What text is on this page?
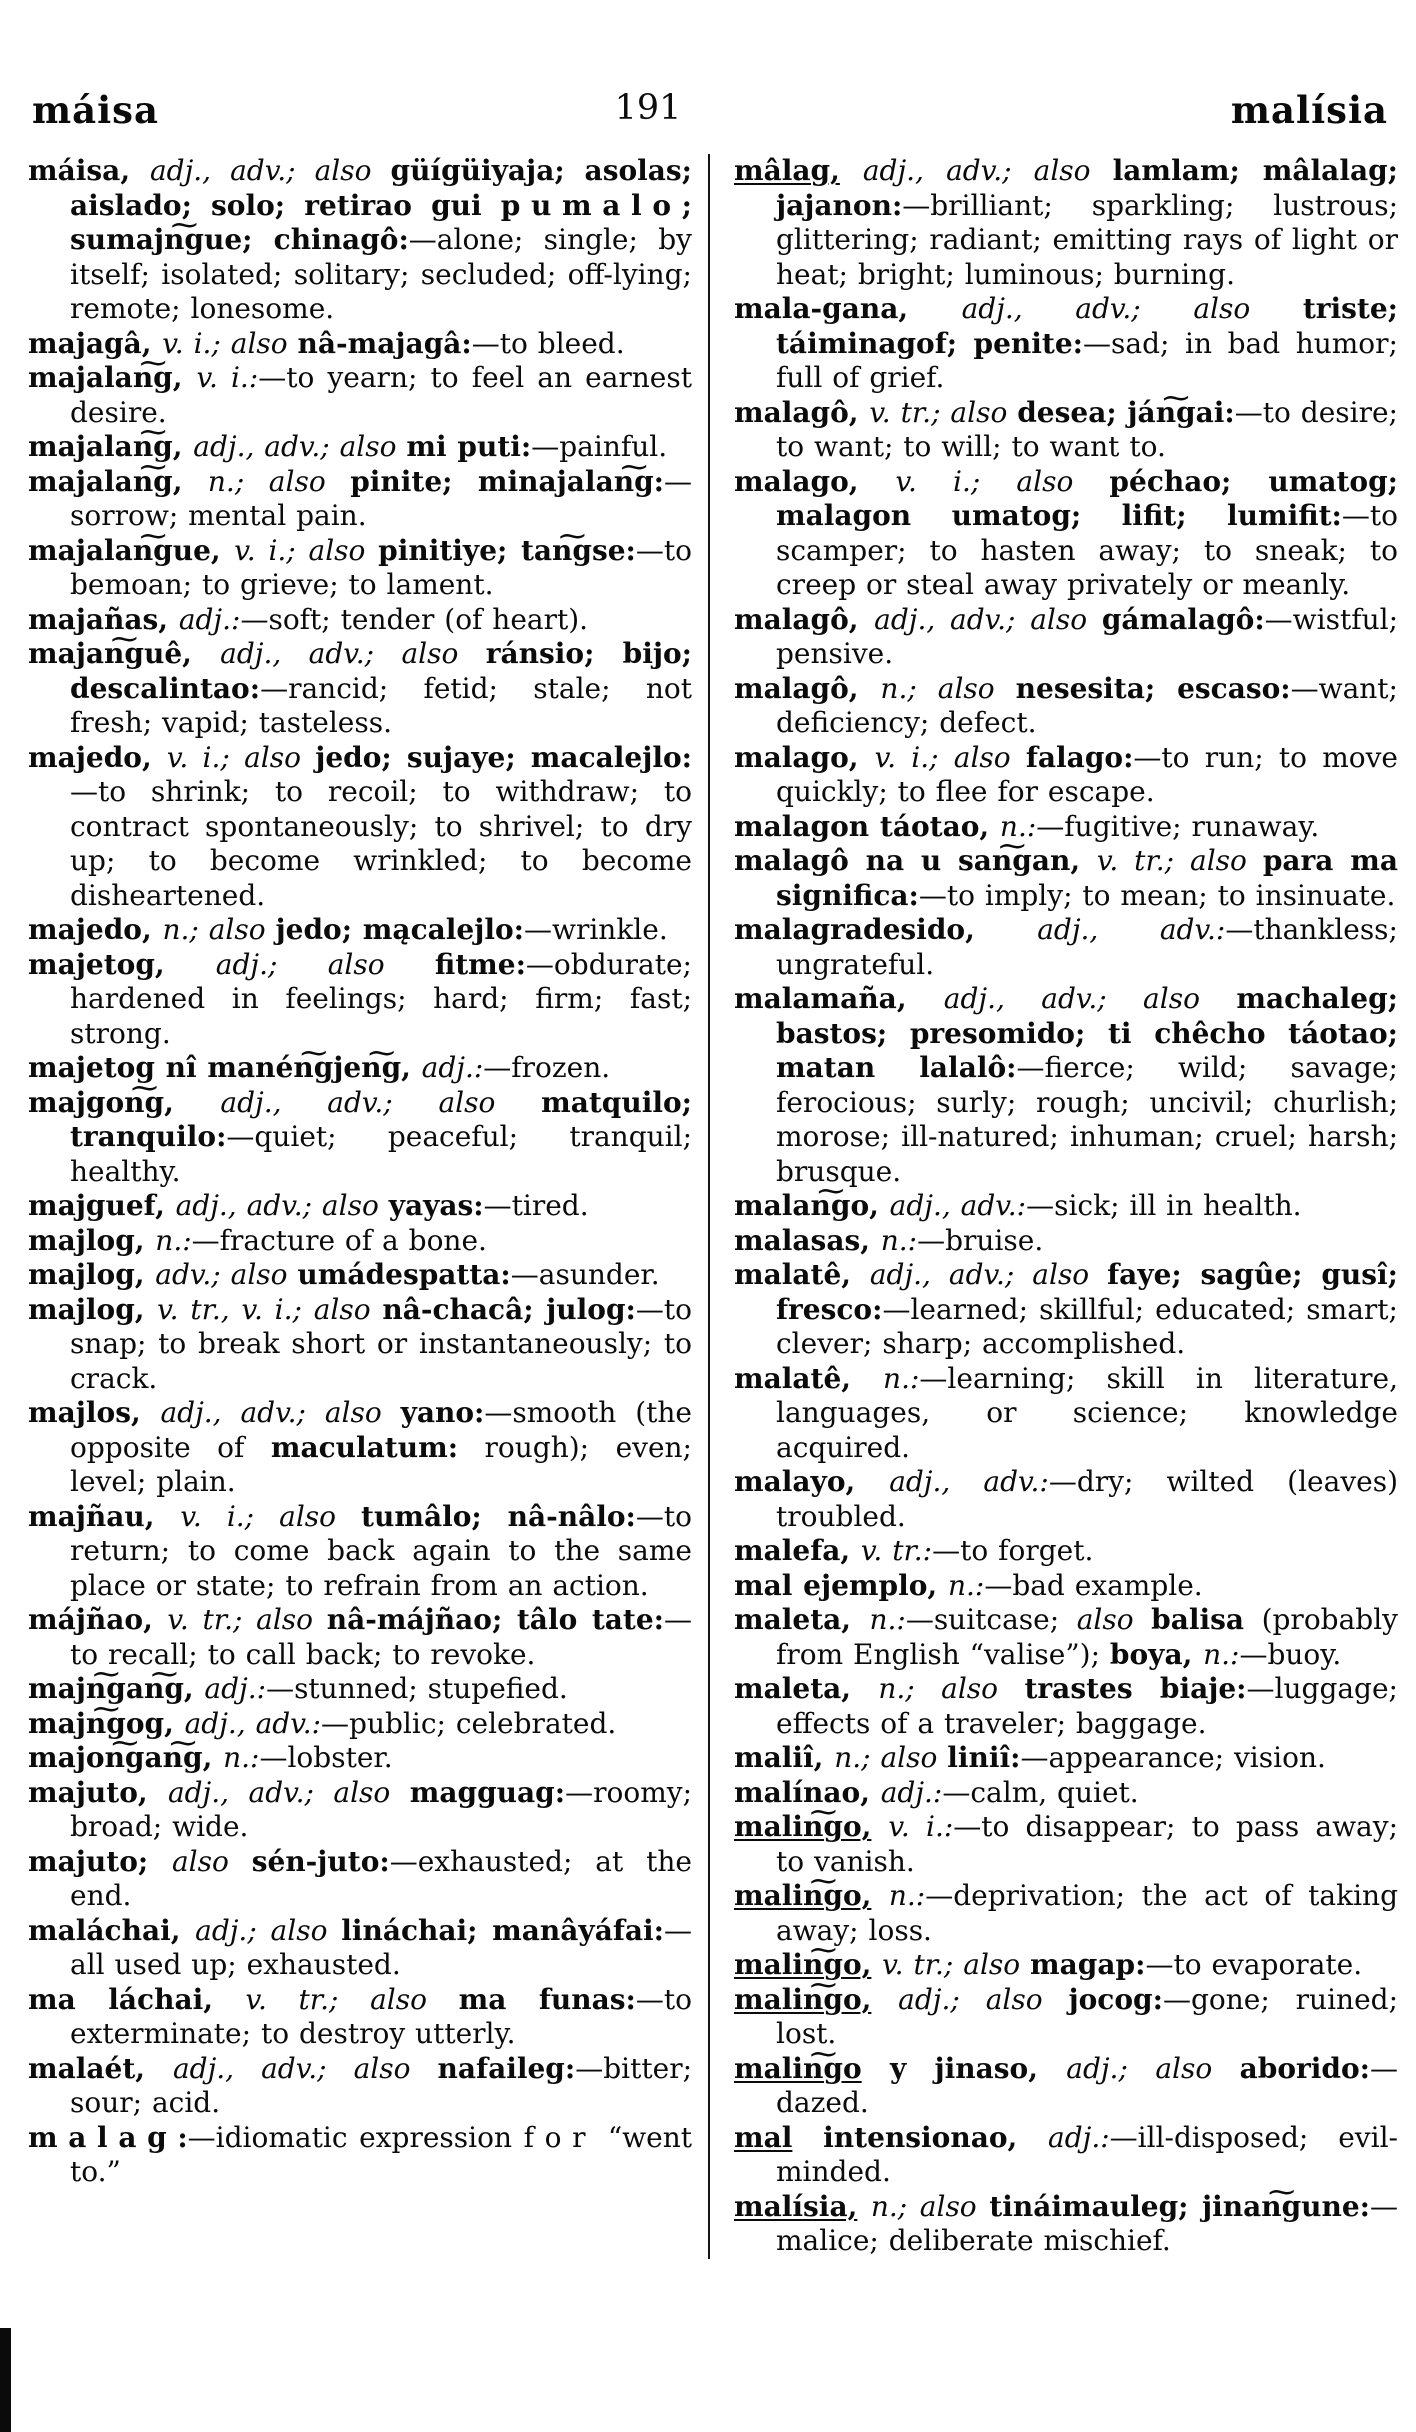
máisa	191	malísia

máisa, adj., adv.; also güígüiyaja; asolas; aislado; solo; retirao gui pumalo; sumajn͠gue; chinagô:—alone; single; by itself; isolated; solitary; secluded; off-lying; remote; lonesome.

majagâ, v. i.; also nâ-majagâ:—to bleed.

majalan͠g, v. i.:—to yearn; to feel an earnest desire.

majalan͠g, adj., adv.; also mi puti:—painful.

majalan͠g, n.; also pinite; minajalan͠g:—sorrow; mental pain.

majalan͠gue, v. i.; also pinitiye; tan͠gse:—to bemoan; to grieve; to lament.

majañas, adj.:—soft; tender (of heart).

majan͠guê, adj., adv.; also ránsio; bijo; descalintao:—rancid; fetid; stale; not fresh; vapid; tasteless.

majedo, v. i.; also jedo; sujaye; macalejlo:—to shrink; to recoil; to withdraw; to contract spontaneously; to shrivel; to dry up; to become wrinkled; to become disheartened.

majedo, n.; also jedo; mącalejlo:—wrinkle.

majetog, adj.; also fitme:—obdurate; hardened in feelings; hard; firm; fast; strong.

majetog nî manén͠gjen͠g, adj.:—frozen.

majgon͠g, adj., adv.; also matquilo; tranquilo:—quiet; peaceful; tranquil; healthy.

majguef, adj., adv.; also yayas:—tired.

majlog, n.:—fracture of a bone.

majlog, adv.; also umádespatta:—asunder.

majlog, v. tr., v. i.; also nâ-chacâ; julog:—to snap; to break short or instantaneously; to crack.

majlos, adj., adv.; also yano:—smooth (the opposite of maculatum: rough); even; level; plain.

majñau, v. i.; also tumâlo; nâ-nâlo:—to return; to come back again to the same place or state; to refrain from an action.

májñao, v. tr.; also nâ-májñao; tâlo tate:—to recall; to call back; to revoke.

majn͠gan͠g, adj.:—stunned; stupefied.

majn͠gog, adj., adv.:—public; celebrated.

majon͠gan͠g, n.:—lobster.

majuto, adj., adv.; also magguag:—roomy; broad; wide.

majuto; also sén-juto:—exhausted; at the end.

maláchai, adj.; also lináchai; manâyáfai:—all used up; exhausted.

ma láchai, v. tr.; also ma funas:—to exterminate; to destroy utterly.

malaét, adj., adv.; also nafaileg:—bitter; sour; acid.

malag:—idiomatic expression for “went to.”

mâlag, adj., adv.; also lamlam; mâlalag; jajanon:—brilliant; sparkling; lustrous; glittering; radiant; emitting rays of light or heat; bright; luminous; burning.

mala-gana, adj., adv.; also triste; táiminagof; penite:—sad; in bad humor; full of grief.

malagô, v. tr.; also desea; ján͠gai:—to desire; to want; to will; to want to.

malago, v. i.; also péchao; umatog; malagon umatog; lifit; lumifit:—to scamper; to hasten away; to sneak; to creep or steal away privately or meanly.

malagô, adj., adv.; also gámalagô:—wistful; pensive.

malagô, n.; also nesesita; escaso:—want; deficiency; defect.

malago, v. i.; also falago:—to run; to move quickly; to flee for escape.

malagon táotao, n.:—fugitive; runaway.

malagô na u san͠gan, v. tr.; also para ma significa:—to imply; to mean; to insinuate.

malagradesido, adj., adv.:—thankless; ungrateful.

malamaña, adj., adv.; also machaleg; bastos; presomido; ti chêcho táotao; matan lalalô:—fierce; wild; savage; ferocious; surly; rough; uncivil; churlish; morose; ill-natured; inhuman; cruel; harsh; brusque.

malan͠go, adj., adv.:—sick; ill in health.

malasas, n.:—bruise.

malatê, adj., adv.; also faye; sagûe; gusî; fresco:—learned; skillful; educated; smart; clever; sharp; accomplished.

malatê, n.:—learning; skill in literature, languages, or science; knowledge acquired.

malayo, adj., adv.:—dry; wilted (leaves) troubled.

malefa, v. tr.:—to forget.

mal ejemplo, n.:—bad example.

maleta, n.:—suitcase; also balisa (probably from English “valise”); boya, n.:—buoy.

maleta, n.; also trastes biaje:—luggage; effects of a traveler; baggage.

maliî, n.; also liniî:—appearance; vision.

malínao, adj.:—calm, quiet.

malin͠go, v. i.:—to disappear; to pass away; to vanish.

malin͠go, n.:—deprivation; the act of taking away; loss.

malin͠go, v. tr.; also magap:—to evaporate.

malin͠go, adj.; also jocog:—gone; ruined; lost.

malin͠go y jinaso, adj.; also aborido:—dazed.

mal intensionao, adj.:—ill-disposed; evil-minded.

malísia, n.; also tináimauleg; jinan͠gune:—malice; deliberate mischief.
